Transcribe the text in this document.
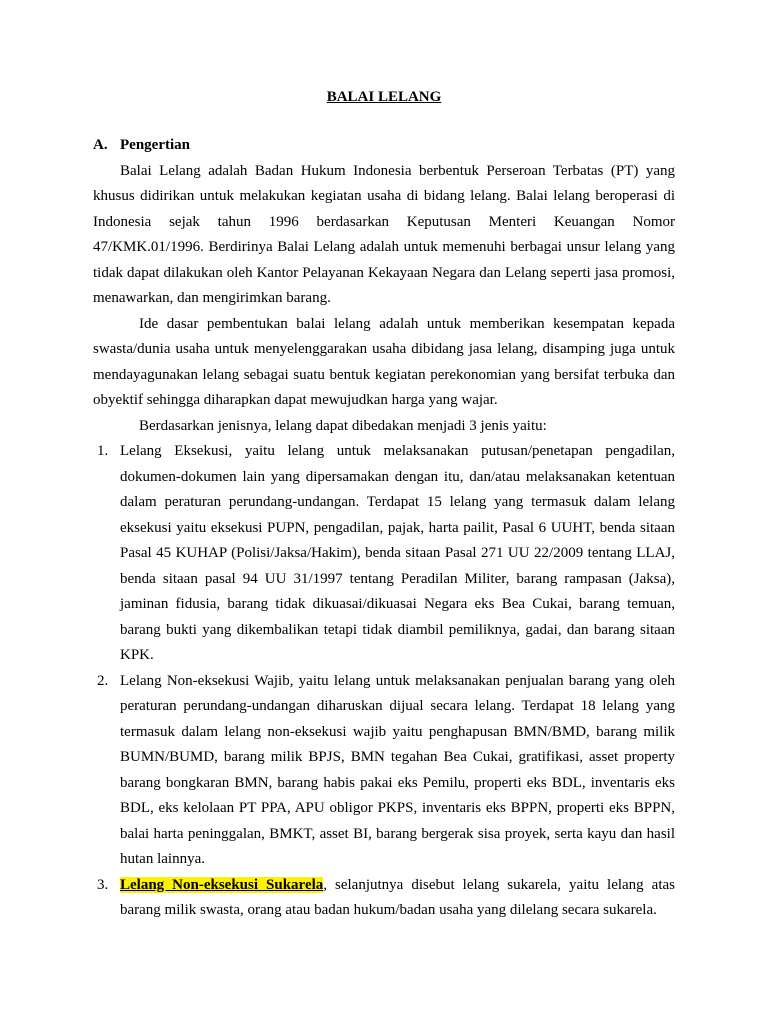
BALAI LELANG
A. Pengertian

Balai Lelang adalah Badan Hukum Indonesia berbentuk Perseroan Terbatas (PT) yang khusus didirikan untuk melakukan kegiatan usaha di bidang lelang. Balai lelang beroperasi di Indonesia sejak tahun 1996 berdasarkan Keputusan Menteri Keuangan Nomor 47/KMK.01/1996. Berdirinya Balai Lelang adalah untuk memenuhi berbagai unsur lelang yang tidak dapat dilakukan oleh Kantor Pelayanan Kekayaan Negara dan Lelang seperti jasa promosi, menawarkan, dan mengirimkan barang.

Ide dasar pembentukan balai lelang adalah untuk memberikan kesempatan kepada swasta/dunia usaha untuk menyelenggarakan usaha dibidang jasa lelang, disamping juga untuk mendayagunakan lelang sebagai suatu bentuk kegiatan perekonomian yang bersifat terbuka dan obyektif sehingga diharapkan dapat mewujudkan harga yang wajar.

Berdasarkan jenisnya, lelang dapat dibedakan menjadi 3 jenis yaitu:

1. Lelang Eksekusi, yaitu lelang untuk melaksanakan putusan/penetapan pengadilan, dokumen-dokumen lain yang dipersamakan dengan itu, dan/atau melaksanakan ketentuan dalam peraturan perundang-undangan. Terdapat 15 lelang yang termasuk dalam lelang eksekusi yaitu eksekusi PUPN, pengadilan, pajak, harta pailit, Pasal 6 UUHT, benda sitaan Pasal 45 KUHAP (Polisi/Jaksa/Hakim), benda sitaan Pasal 271 UU 22/2009 tentang LLAJ, benda sitaan pasal 94 UU 31/1997 tentang Peradilan Militer, barang rampasan (Jaksa), jaminan fidusia, barang tidak dikuasai/dikuasai Negara eks Bea Cukai, barang temuan, barang bukti yang dikembalikan tetapi tidak diambil pemiliknya, gadai, dan barang sitaan KPK.
2. Lelang Non-eksekusi Wajib, yaitu lelang untuk melaksanakan penjualan barang yang oleh peraturan perundang-undangan diharuskan dijual secara lelang. Terdapat 18 lelang yang termasuk dalam lelang non-eksekusi wajib yaitu penghapusan BMN/BMD, barang milik BUMN/BUMD, barang milik BPJS, BMN tegahan Bea Cukai, gratifikasi, asset property barang bongkaran BMN, barang habis pakai eks Pemilu, properti eks BDL, inventaris eks BDL, eks kelolaan PT PPA, APU obligor PKPS, inventaris eks BPPN, properti eks BPPN, balai harta peninggalan, BMKT, asset BI, barang bergerak sisa proyek, serta kayu dan hasil hutan lainnya.
3. Lelang Non-eksekusi Sukarela, selanjutnya disebut lelang sukarela, yaitu lelang atas barang milik swasta, orang atau badan hukum/badan usaha yang dilelang secara sukarela.
